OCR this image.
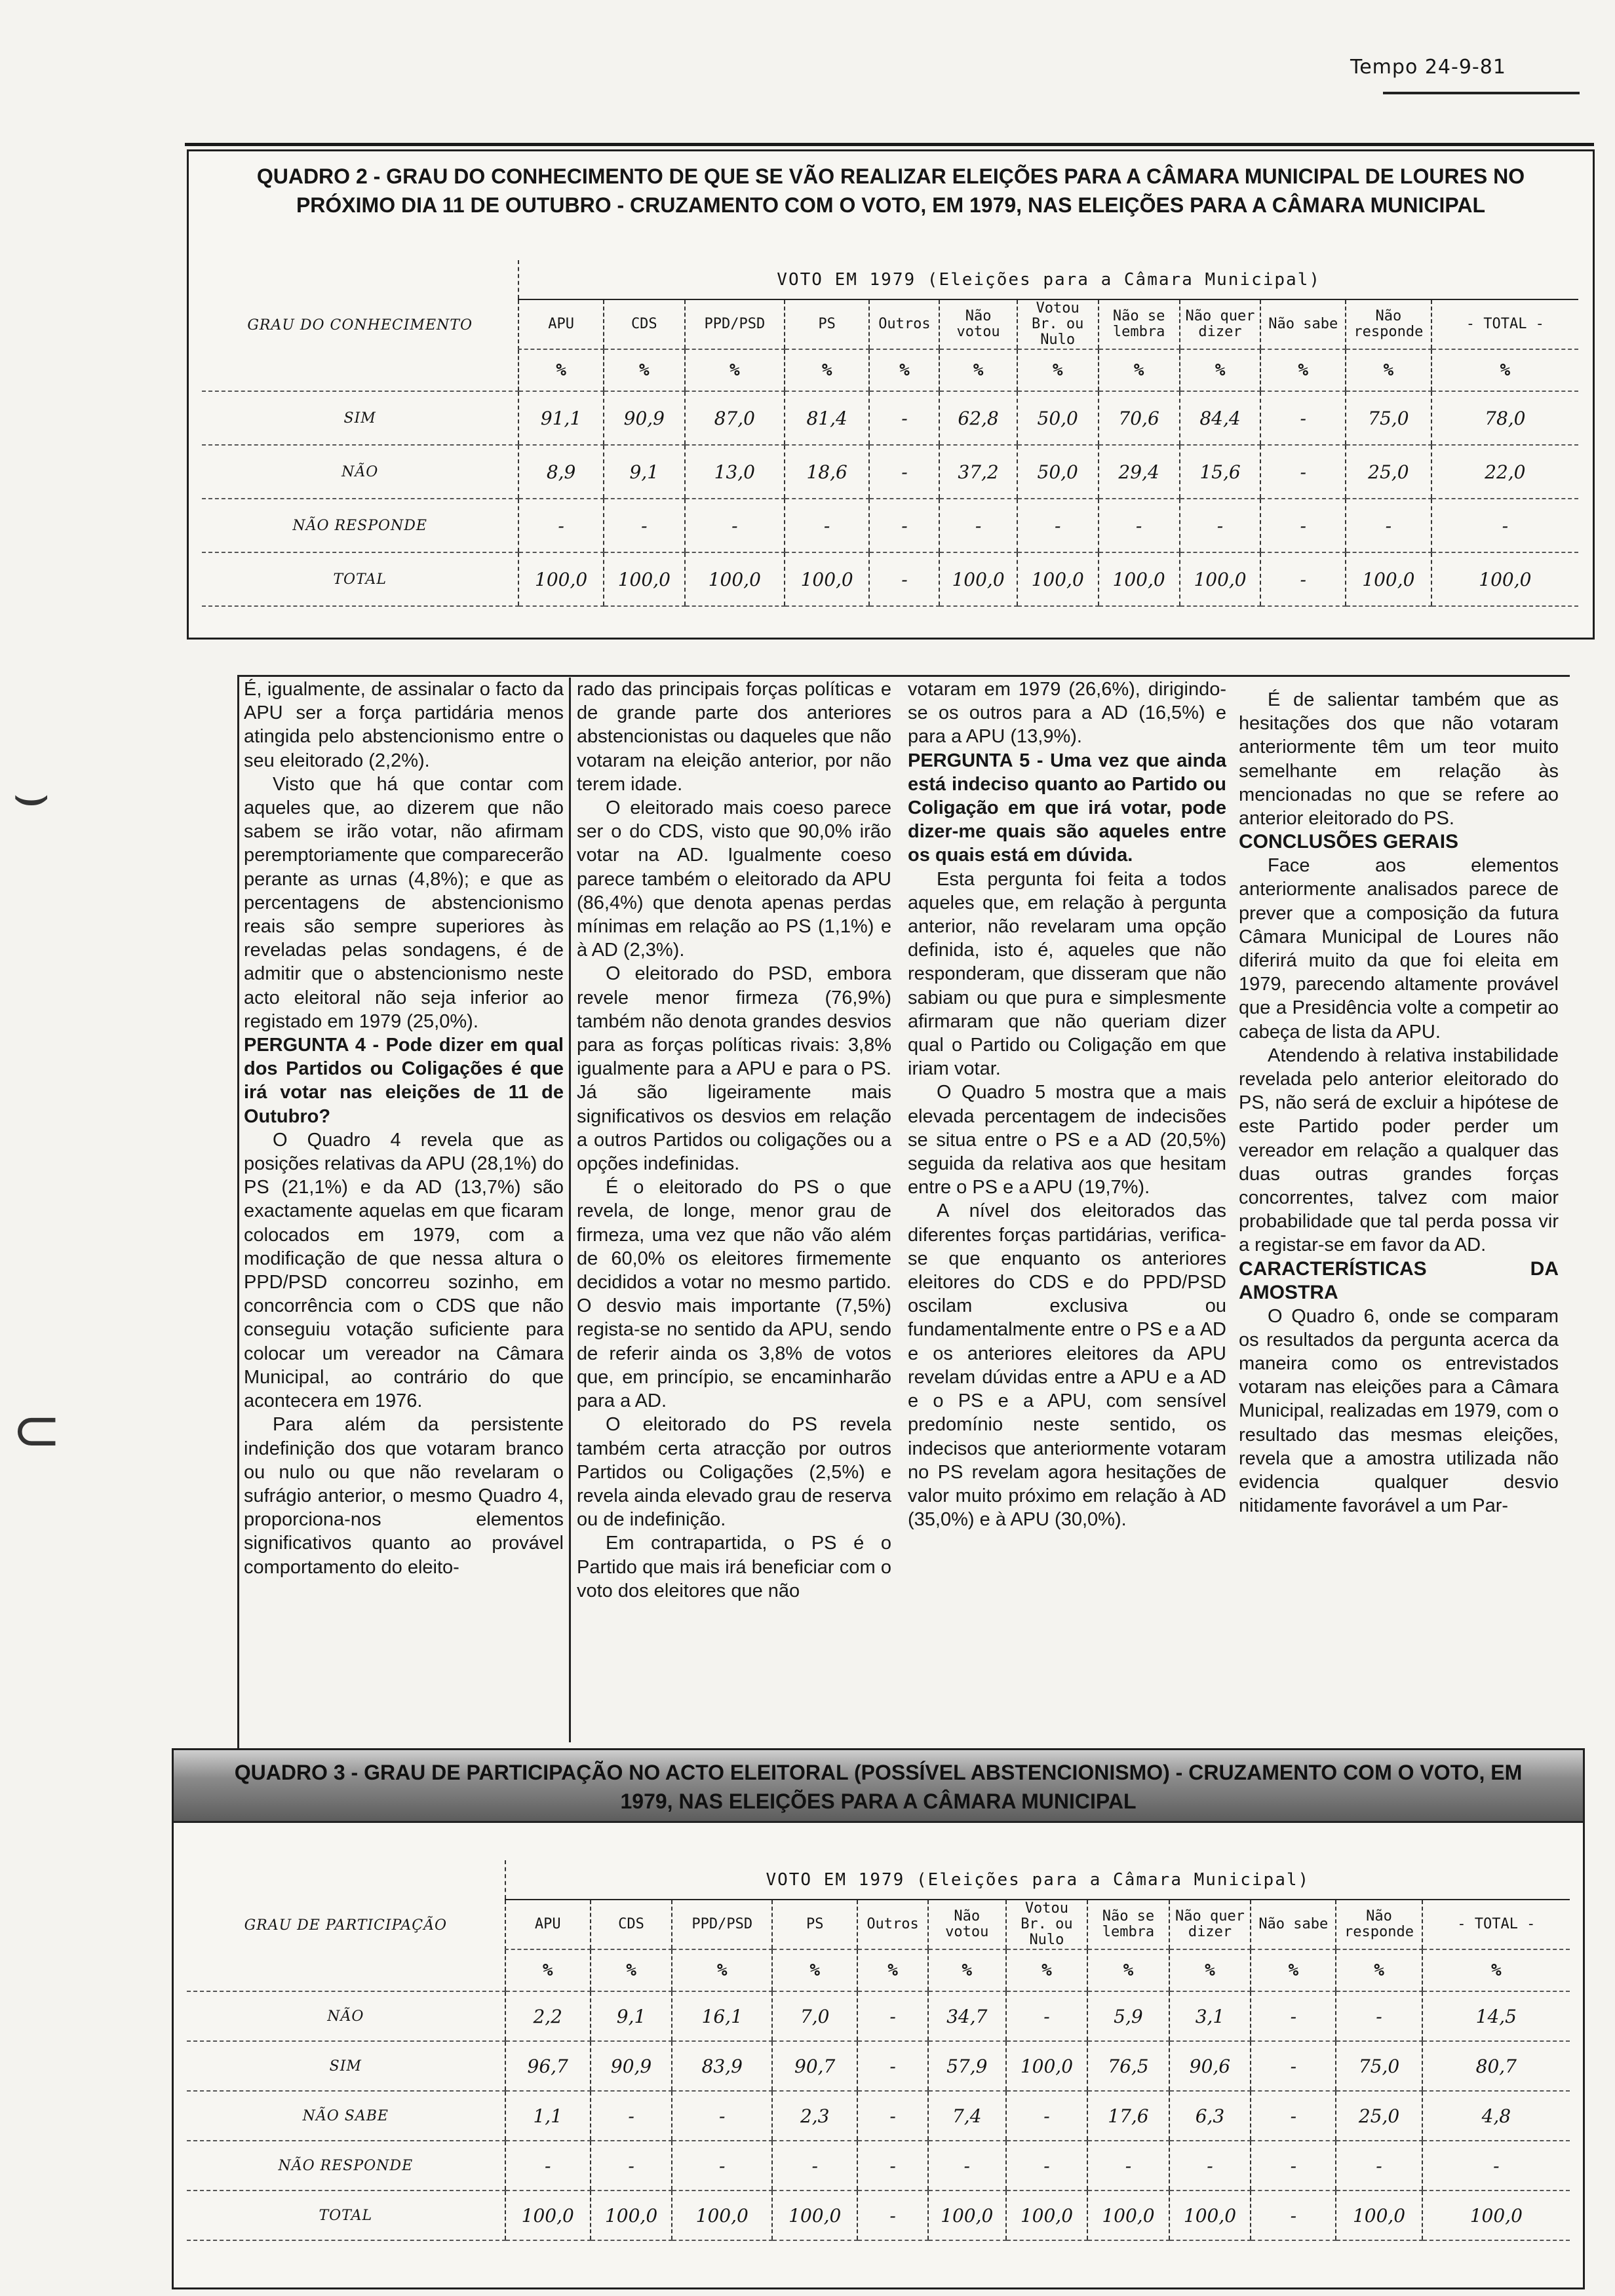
Tempo 24-9-81
QUADRO 2 - GRAU DO CONHECIMENTO DE QUE SE VÃO REALIZAR ELEIÇÕES PARA A CÂMARA MUNICIPAL DE LOURES NO
PRÓXIMO DIA 11 DE OUTUBRO - CRUZAMENTO COM O VOTO, EM 1979, NAS ELEIÇÕES PARA A CÂMARA MUNICIPAL
GRAU DO CONHECIMENTO	VOTO EM 1979 (Eleições para a Câmara Municipal)											
	APU	CDS	PPD/PSD	PS	Outros	Não votou	Votou Br. ou Nulo	Não se lembra	Não quer dizer	Não sabe	Não responde	- TOTAL -
	%	%	%	%	%	%	%	%	%	%	%	%
SIM	91,1	90,9	87,0	81,4	-	62,8	50,0	70,6	84,4	-	75,0	78,0
NÃO	8,9	9,1	13,0	18,6	-	37,2	50,0	29,4	15,6	-	25,0	22,0
NÃO RESPONDE	-	-	-	-	-	-	-	-	-	-	-	-
TOTAL	100,0	100,0	100,0	100,0	-	100,0	100,0	100,0	100,0	-	100,0	100,0

É, igualmente, de assinalar o facto da APU ser a força partidária menos atingida pelo abstencionismo entre o seu eleitorado (2,2%).

Visto que há que contar com aqueles que, ao dizerem que não sabem se irão votar, não afirmam peremptoriamente que comparecerão perante as urnas (4,8%); e que as percentagens de abstencionismo reais são sempre superiores às reveladas pelas sondagens, é de admitir que o abstencionismo neste acto eleitoral não seja inferior ao registado em 1979 (25,0%).

PERGUNTA 4 - Pode dizer em qual dos Partidos ou Coligações é que irá votar nas eleições de 11 de Outubro?

O Quadro 4 revela que as posições relativas da APU (28,1%) do PS (21,1%) e da AD (13,7%) são exactamente aquelas em que ficaram colocados em 1979, com a modificação de que nessa altura o PPD/PSD concorreu sozinho, em concorrência com o CDS que não conseguiu votação suficiente para colocar um vereador na Câmara Municipal, ao contrário do que acontecera em 1976.

Para além da persistente indefinição dos que votaram branco ou nulo ou que não revelaram o sufrágio anterior, o mesmo Quadro 4, proporciona-nos elementos significativos quanto ao provável comportamento do eleito-

rado das principais forças políticas e de grande parte dos anteriores abstencionistas ou daqueles que não votaram na eleição anterior, por não terem idade.

O eleitorado mais coeso parece ser o do CDS, visto que 90,0% irão votar na AD. Igualmente coeso parece também o eleitorado da APU (86,4%) que denota apenas perdas mínimas em relação ao PS (1,1%) e à AD (2,3%).

O eleitorado do PSD, embora revele menor firmeza (76,9%) também não denota grandes desvios para as forças políticas rivais: 3,8% igualmente para a APU e para o PS. Já são ligeiramente mais significativos os desvios em relação a outros Partidos ou coligações ou a opções indefinidas.

É o eleitorado do PS o que revela, de longe, menor grau de firmeza, uma vez que não vão além de 60,0% os eleitores firmemente decididos a votar no mesmo partido. O desvio mais importante (7,5%) regista-se no sentido da APU, sendo de referir ainda os 3,8% de votos que, em princípio, se encaminharão para a AD.

O eleitorado do PS revela também certa atracção por outros Partidos ou Coligações (2,5%) e revela ainda elevado grau de reserva ou de indefinição.

Em contrapartida, o PS é o Partido que mais irá beneficiar com o voto dos eleitores que não

votaram em 1979 (26,6%), dirigindo-se os outros para a AD (16,5%) e para a APU (13,9%).

PERGUNTA 5 - Uma vez que ainda está indeciso quanto ao Partido ou Coligação em que irá votar, pode dizer-me quais são aqueles entre os quais está em dúvida.

Esta pergunta foi feita a todos aqueles que, em relação à pergunta anterior, não revelaram uma opção definida, isto é, aqueles que não responderam, que disseram que não sabiam ou que pura e simplesmente afirmaram que não queriam dizer qual o Partido ou Coligação em que iriam votar.

O Quadro 5 mostra que a mais elevada percentagem de indecisões se situa entre o PS e a AD (20,5%) seguida da relativa aos que hesitam entre o PS e a APU (19,7%).

A nível dos eleitorados das diferentes forças partidárias, verifica-se que enquanto os anteriores eleitores do CDS e do PPD/PSD oscilam exclusiva ou fundamentalmente entre o PS e a AD e os anteriores eleitores da APU revelam dúvidas entre a APU e a AD e o PS e a APU, com sensível predomínio neste sentido, os indecisos que anteriormente votaram no PS revelam agora hesitações de valor muito próximo em relação à AD (35,0%) e à APU (30,0%).

É de salientar também que as hesitações dos que não votaram anteriormente têm um teor muito semelhante em relação às mencionadas no que se refere ao anterior eleitorado do PS.

CONCLUSÕES GERAIS

Face aos elementos anteriormente analisados parece de prever que a composição da futura Câmara Municipal de Loures não diferirá muito da que foi eleita em 1979, parecendo altamente provável que a Presidência volte a competir ao cabeça de lista da APU.

Atendendo à relativa instabilidade revelada pelo anterior eleitorado do PS, não será de excluir a hipótese de este Partido poder perder um vereador em relação a qualquer das duas outras grandes forças concorrentes, talvez com maior probabilidade que tal perda possa vir a registar-se em favor da AD.

CARACTERÍSTICAS DA AMOSTRA

O Quadro 6, onde se comparam os resultados da pergunta acerca da maneira como os entrevistados votaram nas eleições para a Câmara Municipal, realizadas em 1979, com o resultado das mesmas eleições, revela que a amostra utilizada não evidencia qualquer desvio nitidamente favorável a um Par-

⌣
⊂
QUADRO 3 - GRAU DE PARTICIPAÇÃO NO ACTO ELEITORAL (POSSÍVEL ABSTENCIONISMO) - CRUZAMENTO COM O VOTO, EM
1979, NAS ELEIÇÕES PARA A CÂMARA MUNICIPAL
GRAU DE PARTICIPAÇÃO	VOTO EM 1979 (Eleições para a Câmara Municipal)											
	APU	CDS	PPD/PSD	PS	Outros	Não votou	Votou Br. ou Nulo	Não se lembra	Não quer dizer	Não sabe	Não responde	- TOTAL -
	%	%	%	%	%	%	%	%	%	%	%	%
NÃO	2,2	9,1	16,1	7,0	-	34,7	-	5,9	3,1	-	-	14,5
SIM	96,7	90,9	83,9	90,7	-	57,9	100,0	76,5	90,6	-	75,0	80,7
NÃO SABE	1,1	-	-	2,3	-	7,4	-	17,6	6,3	-	25,0	4,8
NÃO RESPONDE	-	-	-	-	-	-	-	-	-	-	-	-
TOTAL	100,0	100,0	100,0	100,0	-	100,0	100,0	100,0	100,0	-	100,0	100,0
